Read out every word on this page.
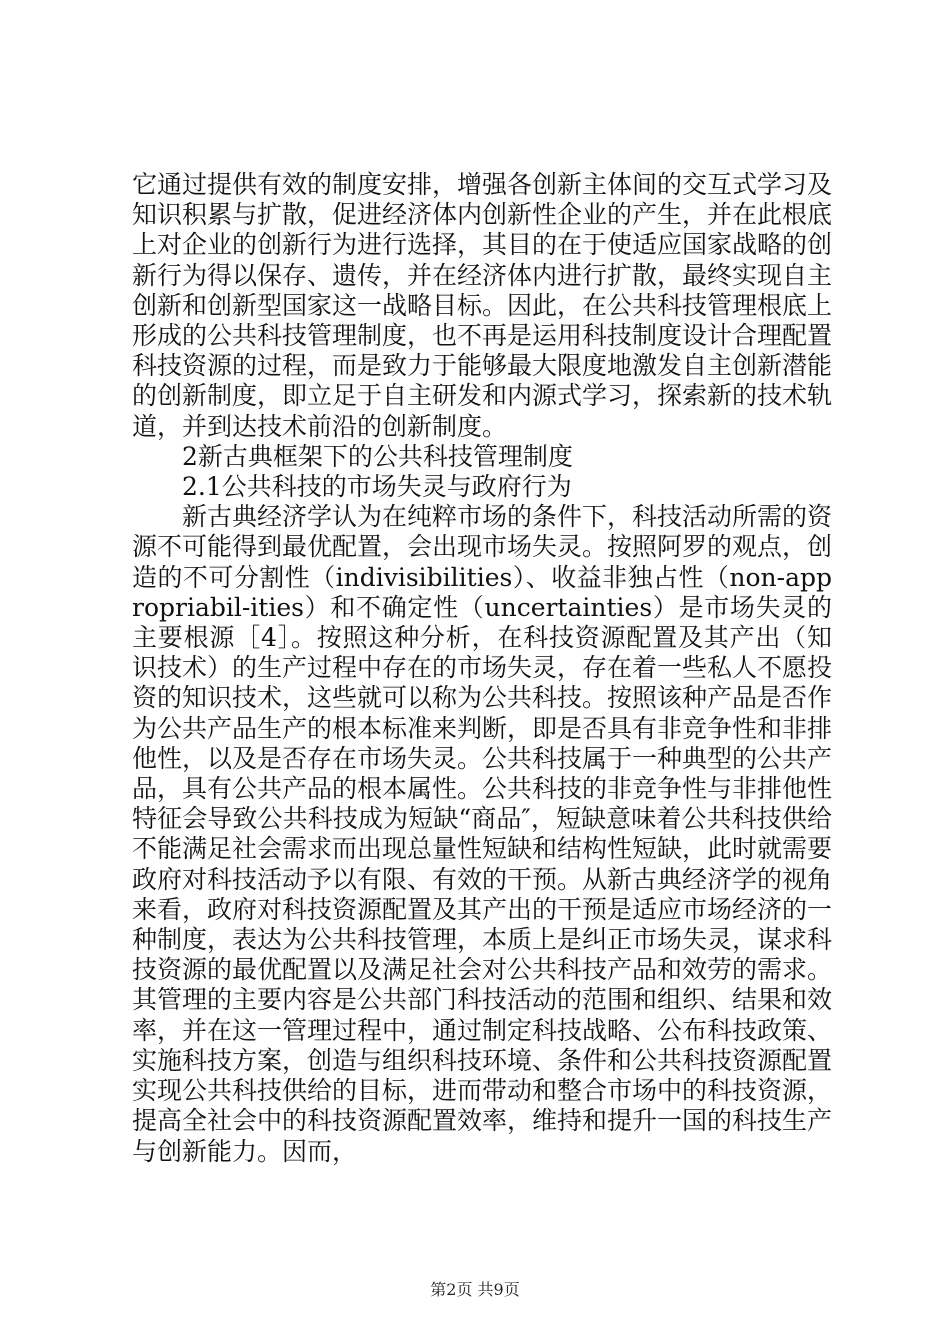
它通过提供有效的制度安排，增强各创新主体间的交互式学习及知识积累与扩散，促进经济体内创新性企业的产生，并在此根底上对企业的创新行为进行选择，其目的在于使适应国家战略的创新行为得以保存、遗传，并在经济体内进行扩散，最终实现自主创新和创新型国家这一战略目标。因此，在公共科技管理根底上形成的公共科技管理制度，也不再是运用科技制度设计合理配置科技资源的过程，而是致力于能够最大限度地激发自主创新潜能的创新制度，即立足于自主研发和内源式学习，探索新的技术轨道，并到达技术前沿的创新制度。

2新古典框架下的公共科技管理制度

2.1公共科技的市场失灵与政府行为

新古典经济学认为在纯粹市场的条件下，科技活动所需的资源不可能得到最优配置，会出现市场失灵。按照阿罗的观点，创造的不可分割性（indivisibilities）、收益非独占性（non-appropriabil-ities）和不确定性（uncertainties）是市场失灵的主要根源［4］。按照这种分析，在科技资源配置及其产出（知识技术）的生产过程中存在的市场失灵，存在着一些私人不愿投资的知识技术，这些就可以称为公共科技。按照该种产品是否作为公共产品生产的根本标准来判断，即是否具有非竞争性和非排他性，以及是否存在市场失灵。公共科技属于一种典型的公共产品，具有公共产品的根本属性。公共科技的非竞争性与非排他性特征会导致公共科技成为短缺“商品″，短缺意味着公共科技供给不能满足社会需求而出现总量性短缺和结构性短缺，此时就需要政府对科技活动予以有限、有效的干预。从新古典经济学的视角来看，政府对科技资源配置及其产出的干预是适应市场经济的一种制度，表达为公共科技管理，本质上是纠正市场失灵，谋求科技资源的最优配置以及满足社会对公共科技产品和效劳的需求。其管理的主要内容是公共部门科技活动的范围和组织、结果和效率，并在这一管理过程中，通过制定科技战略、公布科技政策、实施科技方案，创造与组织科技环境、条件和公共科技资源配置实现公共科技供给的目标，进而带动和整合市场中的科技资源，提高全社会中的科技资源配置效率，维持和提升一国的科技生产与创新能力。因而，

第2页 共9页
